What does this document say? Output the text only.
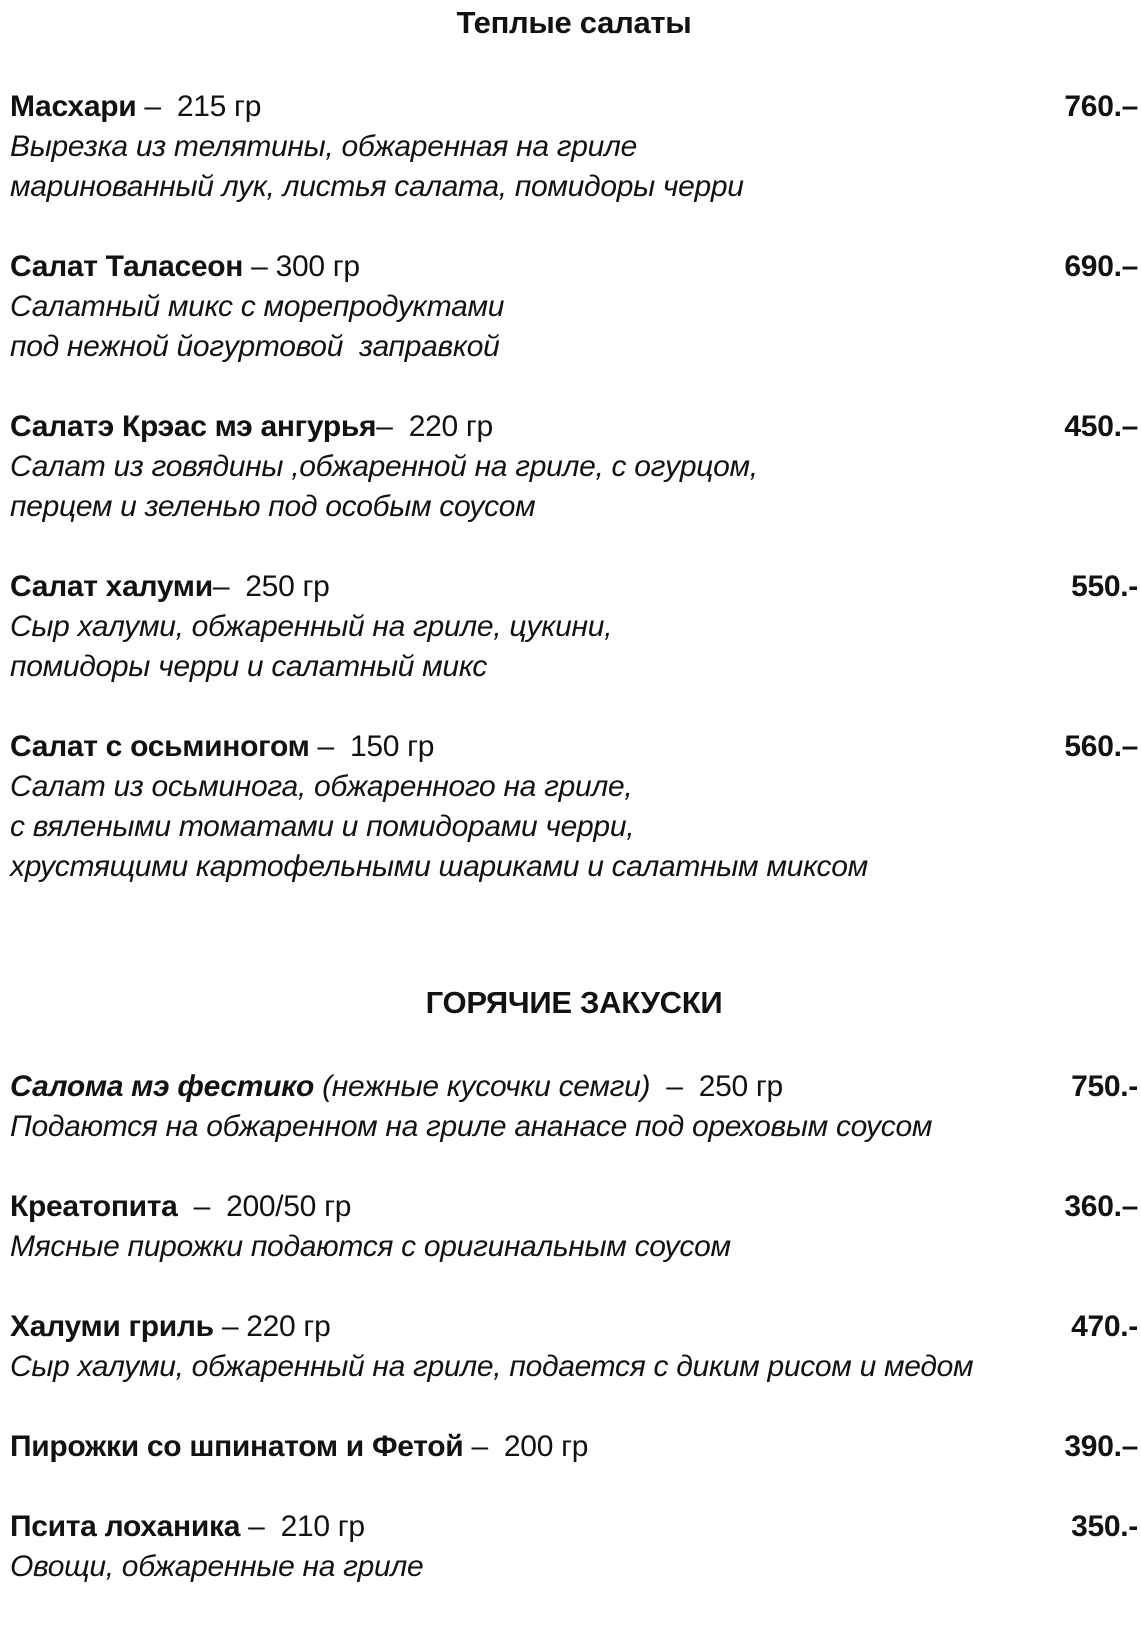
Теплые салаты
Масхари –  215 гр	760.–
Вырезка из телятины, обжаренная на гриле
маринованный лук, листья салата, помидоры черри
Салат Таласеон – 300 гр	690.–
Салатный микс с морепродуктами
под нежной йогуртовой  заправкой
Салатэ Крэас мэ ангурья–  220 гр	450.–
Салат из говядины ,обжаренной на гриле, с огурцом,
перцем и зеленью под особым соусом
Салат халуми–  250 гр	550.-
Сыр халуми, обжаренный на гриле, цукини,
помидоры черри и салатный микс
Салат с осьминогом –  150 гр	560.–
Салат из осьминога, обжаренного на гриле,
с вялеными томатами и помидорами черри,
хрустящими картофельными шариками и салатным миксом
ГОРЯЧИЕ ЗАКУСКИ
Салома мэ фестико (нежные кусочки семги)  –  250 гр	750.-
Подаются на обжаренном на гриле ананасе под ореховым соусом
Креатопита  –  200/50 гр	360.–
Мясные пирожки подаются с оригинальным соусом
Халуми гриль – 220 гр	470.-
Сыр халуми, обжаренный на гриле, подается с диким рисом и медом
Пирожки со шпинатом и Фетой –  200 гр	390.–
Псита лоханика –  210 гр	350.-
Овощи, обжаренные на гриле
